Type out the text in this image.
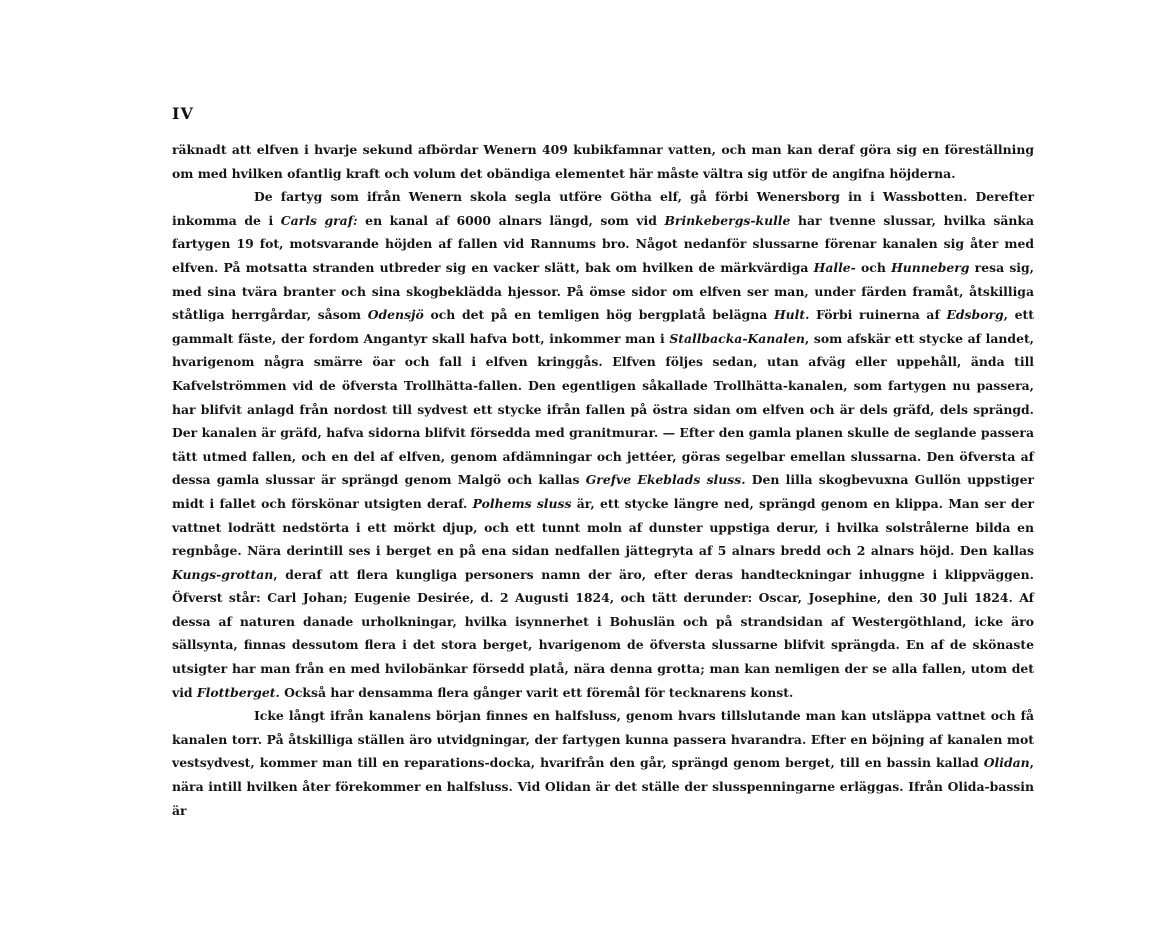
IV

räknadt att elfven i hvarje sekund afbördar Wenern 409 kubikfamnar vatten, och man kan deraf göra sig en föreställning om med hvilken ofantlig kraft och volum det obändiga elementet här måste vältra sig utför de angifna höjderna.

De fartyg som ifrån Wenern skola segla utföre Götha elf, gå förbi Wenersborg in i Wassbotten. Derefter inkomma de i Carls graf: en kanal af 6000 alnars längd, som vid Brinkebergs-kulle har tvenne slussar, hvilka sänka fartygen 19 fot, motsvarande höjden af fallen vid Rannums bro. Något nedanför slussarne förenar kanalen sig åter med elfven. På motsatta stranden utbreder sig en vacker slätt, bak om hvilken de märkvärdiga Halle- och Hunneberg resa sig, med sina tvära branter och sina skogbeklädda hjessor. På ömse sidor om elfven ser man, under färden framåt, åtskilliga ståtliga herrgårdar, såsom Odensjö och det på en temligen hög bergplatå belägna Hult. Förbi ruinerna af Edsborg, ett gammalt fäste, der fordom Angantyr skall hafva bott, inkommer man i Stallbacka-Kanalen, som afskär ett stycke af landet, hvarigenom några smärre öar och fall i elfven kringgås. Elfven följes sedan, utan afväg eller uppehåll, ända till Kafvelströmmen vid de öfversta Trollhätta-fallen. Den egentligen såkallade Trollhätta-kanalen, som fartygen nu passera, har blifvit anlagd från nordost till sydvest ett stycke ifrån fallen på östra sidan om elfven och är dels gräfd, dels sprängd. Der kanalen är gräfd, hafva sidorna blifvit försedda med granitmurar. — Efter den gamla planen skulle de seglande passera tätt utmed fallen, och en del af elfven, genom afdämningar och jettéer, göras segelbar emellan slussarna. Den öfversta af dessa gamla slussar är sprängd genom Malgö och kallas Grefve Ekeblads sluss. Den lilla skogbevuxna Gullön uppstiger midt i fallet och förskönar utsigten deraf. Polhems sluss är, ett stycke längre ned, sprängd genom en klippa. Man ser der vattnet lodrätt nedstörta i ett mörkt djup, och ett tunnt moln af dunster uppstiga derur, i hvilka solstrålerne bilda en regnbåge. Nära derintill ses i berget en på ena sidan nedfallen jättegryta af 5 alnars bredd och 2 alnars höjd. Den kallas Kungs-grottan, deraf att flera kungliga personers namn der äro, efter deras handteckningar inhuggne i klippväggen. Öfverst står: Carl Johan; Eugenie Desirée, d. 2 Augusti 1824, och tätt derunder: Oscar, Josephine, den 30 Juli 1824. Af dessa af naturen danade urholkningar, hvilka isynnerhet i Bohuslän och på strandsidan af Westergöthland, icke äro sällsynta, finnas dessutom flera i det stora berget, hvarigenom de öfversta slussarne blifvit sprängda. En af de skönaste utsigter har man från en med hvilobänkar försedd platå, nära denna grotta; man kan nemligen der se alla fallen, utom det vid Flottberget. Också har densamma flera gånger varit ett föremål för tecknarens konst.

Icke långt ifrån kanalens början finnes en halfsluss, genom hvars tillslutande man kan utsläppa vattnet och få kanalen torr. På åtskilliga ställen äro utvidgningar, der fartygen kunna passera hvarandra. Efter en böjning af kanalen mot vestsydvest, kommer man till en reparations-docka, hvarifrån den går, sprängd genom berget, till en bassin kallad Olidan, nära intill hvilken åter förekommer en halfsluss. Vid Olidan är det ställe der slusspenningarne erläggas. Ifrån Olida-bassin är
